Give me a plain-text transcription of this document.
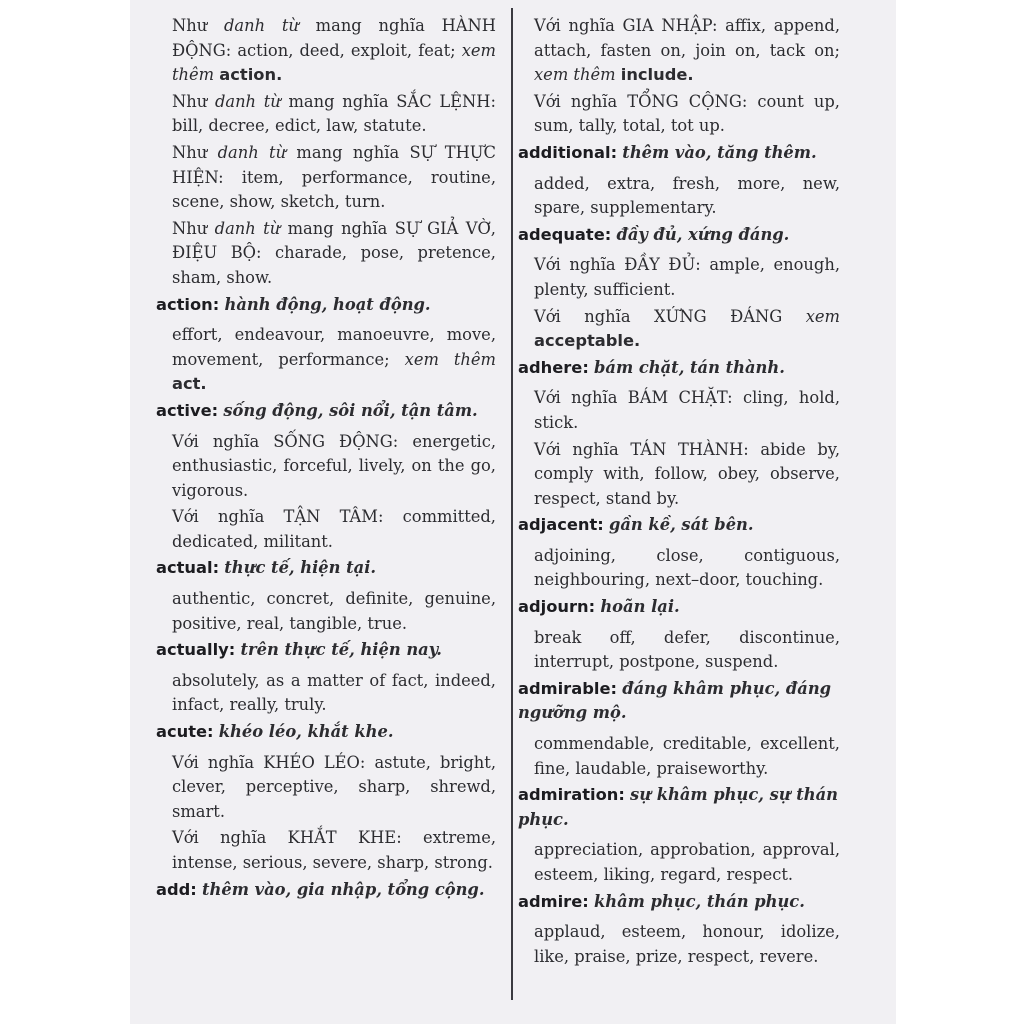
Như danh từ mang nghĩa HÀNH ĐỘNG: action, deed, exploit, feat; xem thêm action.

Như danh từ mang nghĩa SẮC LỆNH: bill, decree, edict, law, statute.

Như danh từ mang nghĩa SỰ THỰC HIỆN: item, performance, routine, scene, show, sketch, turn.

Như danh từ mang nghĩa SỰ GIẢ VỜ, ĐIỆU BỘ: charade, pose, pretence, sham, show.

action: hành động, hoạt động.

effort, endeavour, manoeuvre, move, movement, performance; xem thêm act.

active: sống động, sôi nổi, tận tâm.

Với nghĩa SỐNG ĐỘNG: energetic, enthusiastic, forceful, lively, on the go, vigorous.

Với nghĩa TẬN TÂM: committed, dedicated, militant.

actual: thực tế, hiện tại.

authentic, concret, definite, genuine, positive, real, tangible, true.

actually: trên thực tế, hiện nay.

absolutely, as a matter of fact, indeed, infact, really, truly.

acute: khéo léo, khắt khe.

Với nghĩa KHÉO LÉO: astute, bright, clever, perceptive, sharp, shrewd, smart.

Với nghĩa KHẮT KHE: extreme, intense, serious, severe, sharp, strong.

add: thêm vào, gia nhập, tổng cộng.

Với nghĩa GIA NHẬP: affix, append, attach, fasten on, join on, tack on; xem thêm include.

Với nghĩa TỔNG CỘNG: count up, sum, tally, total, tot up.

additional: thêm vào, tăng thêm.

added, extra, fresh, more, new, spare, supplementary.

adequate: đầy đủ, xứng đáng.

Với nghĩa ĐẦY ĐỦ: ample, enough, plenty, sufficient.

Với nghĩa XỨNG ĐÁNG xem acceptable.

adhere: bám chặt, tán thành.

Với nghĩa BÁM CHẶT: cling, hold, stick.

Với nghĩa TÁN THÀNH: abide by, comply with, follow, obey, observe, respect, stand by.

adjacent: gần kề, sát bên.

adjoining, close, contiguous, neighbouring, next–door, touching.

adjourn: hoãn lại.

break off, defer, discontinue, interrupt, postpone, suspend.

admirable: đáng khâm phục, đáng ngưỡng mộ.

commendable, creditable, excellent, fine, laudable, praiseworthy.

admiration: sự khâm phục, sự thán phục.

appreciation, approbation, approval, esteem, liking, regard, respect.

admire: khâm phục, thán phục.

applaud, esteem, honour, idolize, like, praise, prize, respect, revere.
